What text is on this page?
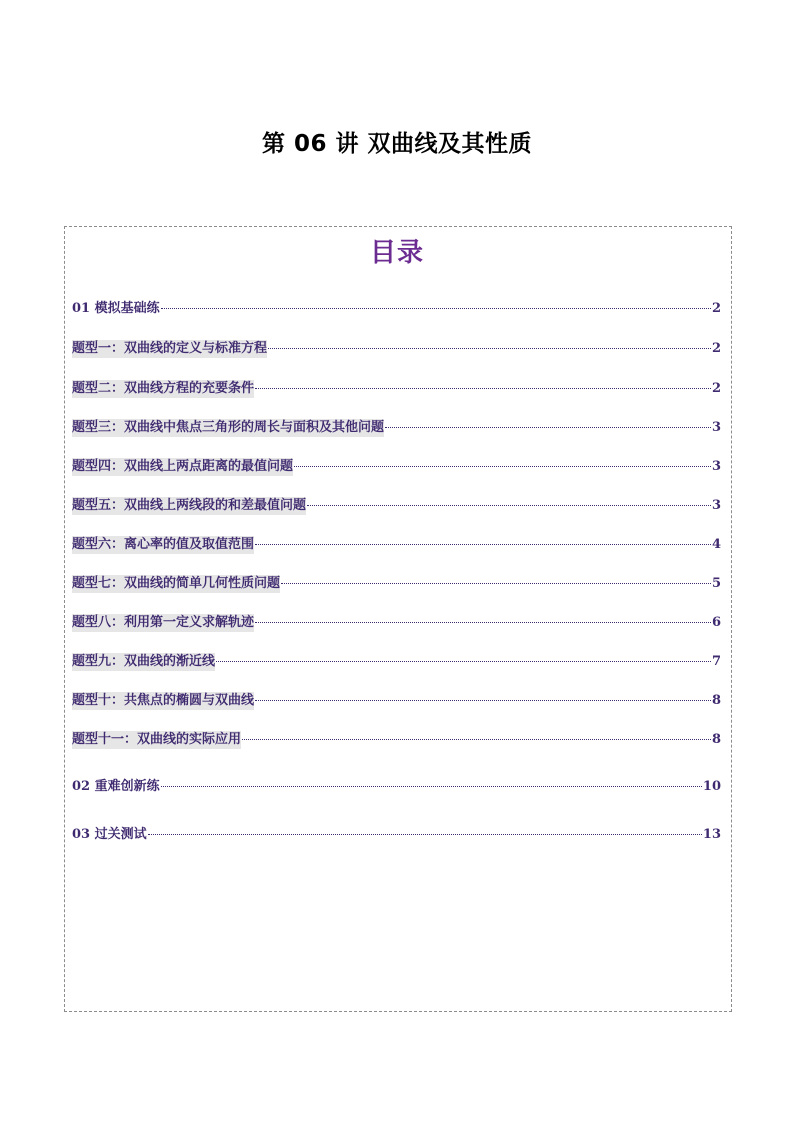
第 06 讲 双曲线及其性质
目录
01 模拟基础练	2
题型一：双曲线的定义与标准方程	2
题型二：双曲线方程的充要条件	2
题型三：双曲线中焦点三角形的周长与面积及其他问题	3
题型四：双曲线上两点距离的最值问题	3
题型五：双曲线上两线段的和差最值问题	3
题型六：离心率的值及取值范围	4
题型七：双曲线的简单几何性质问题	5
题型八：利用第一定义求解轨迹	6
题型九：双曲线的渐近线	7
题型十：共焦点的椭圆与双曲线	8
题型十一：双曲线的实际应用	8
02 重难创新练	10
03 过关测试	13
